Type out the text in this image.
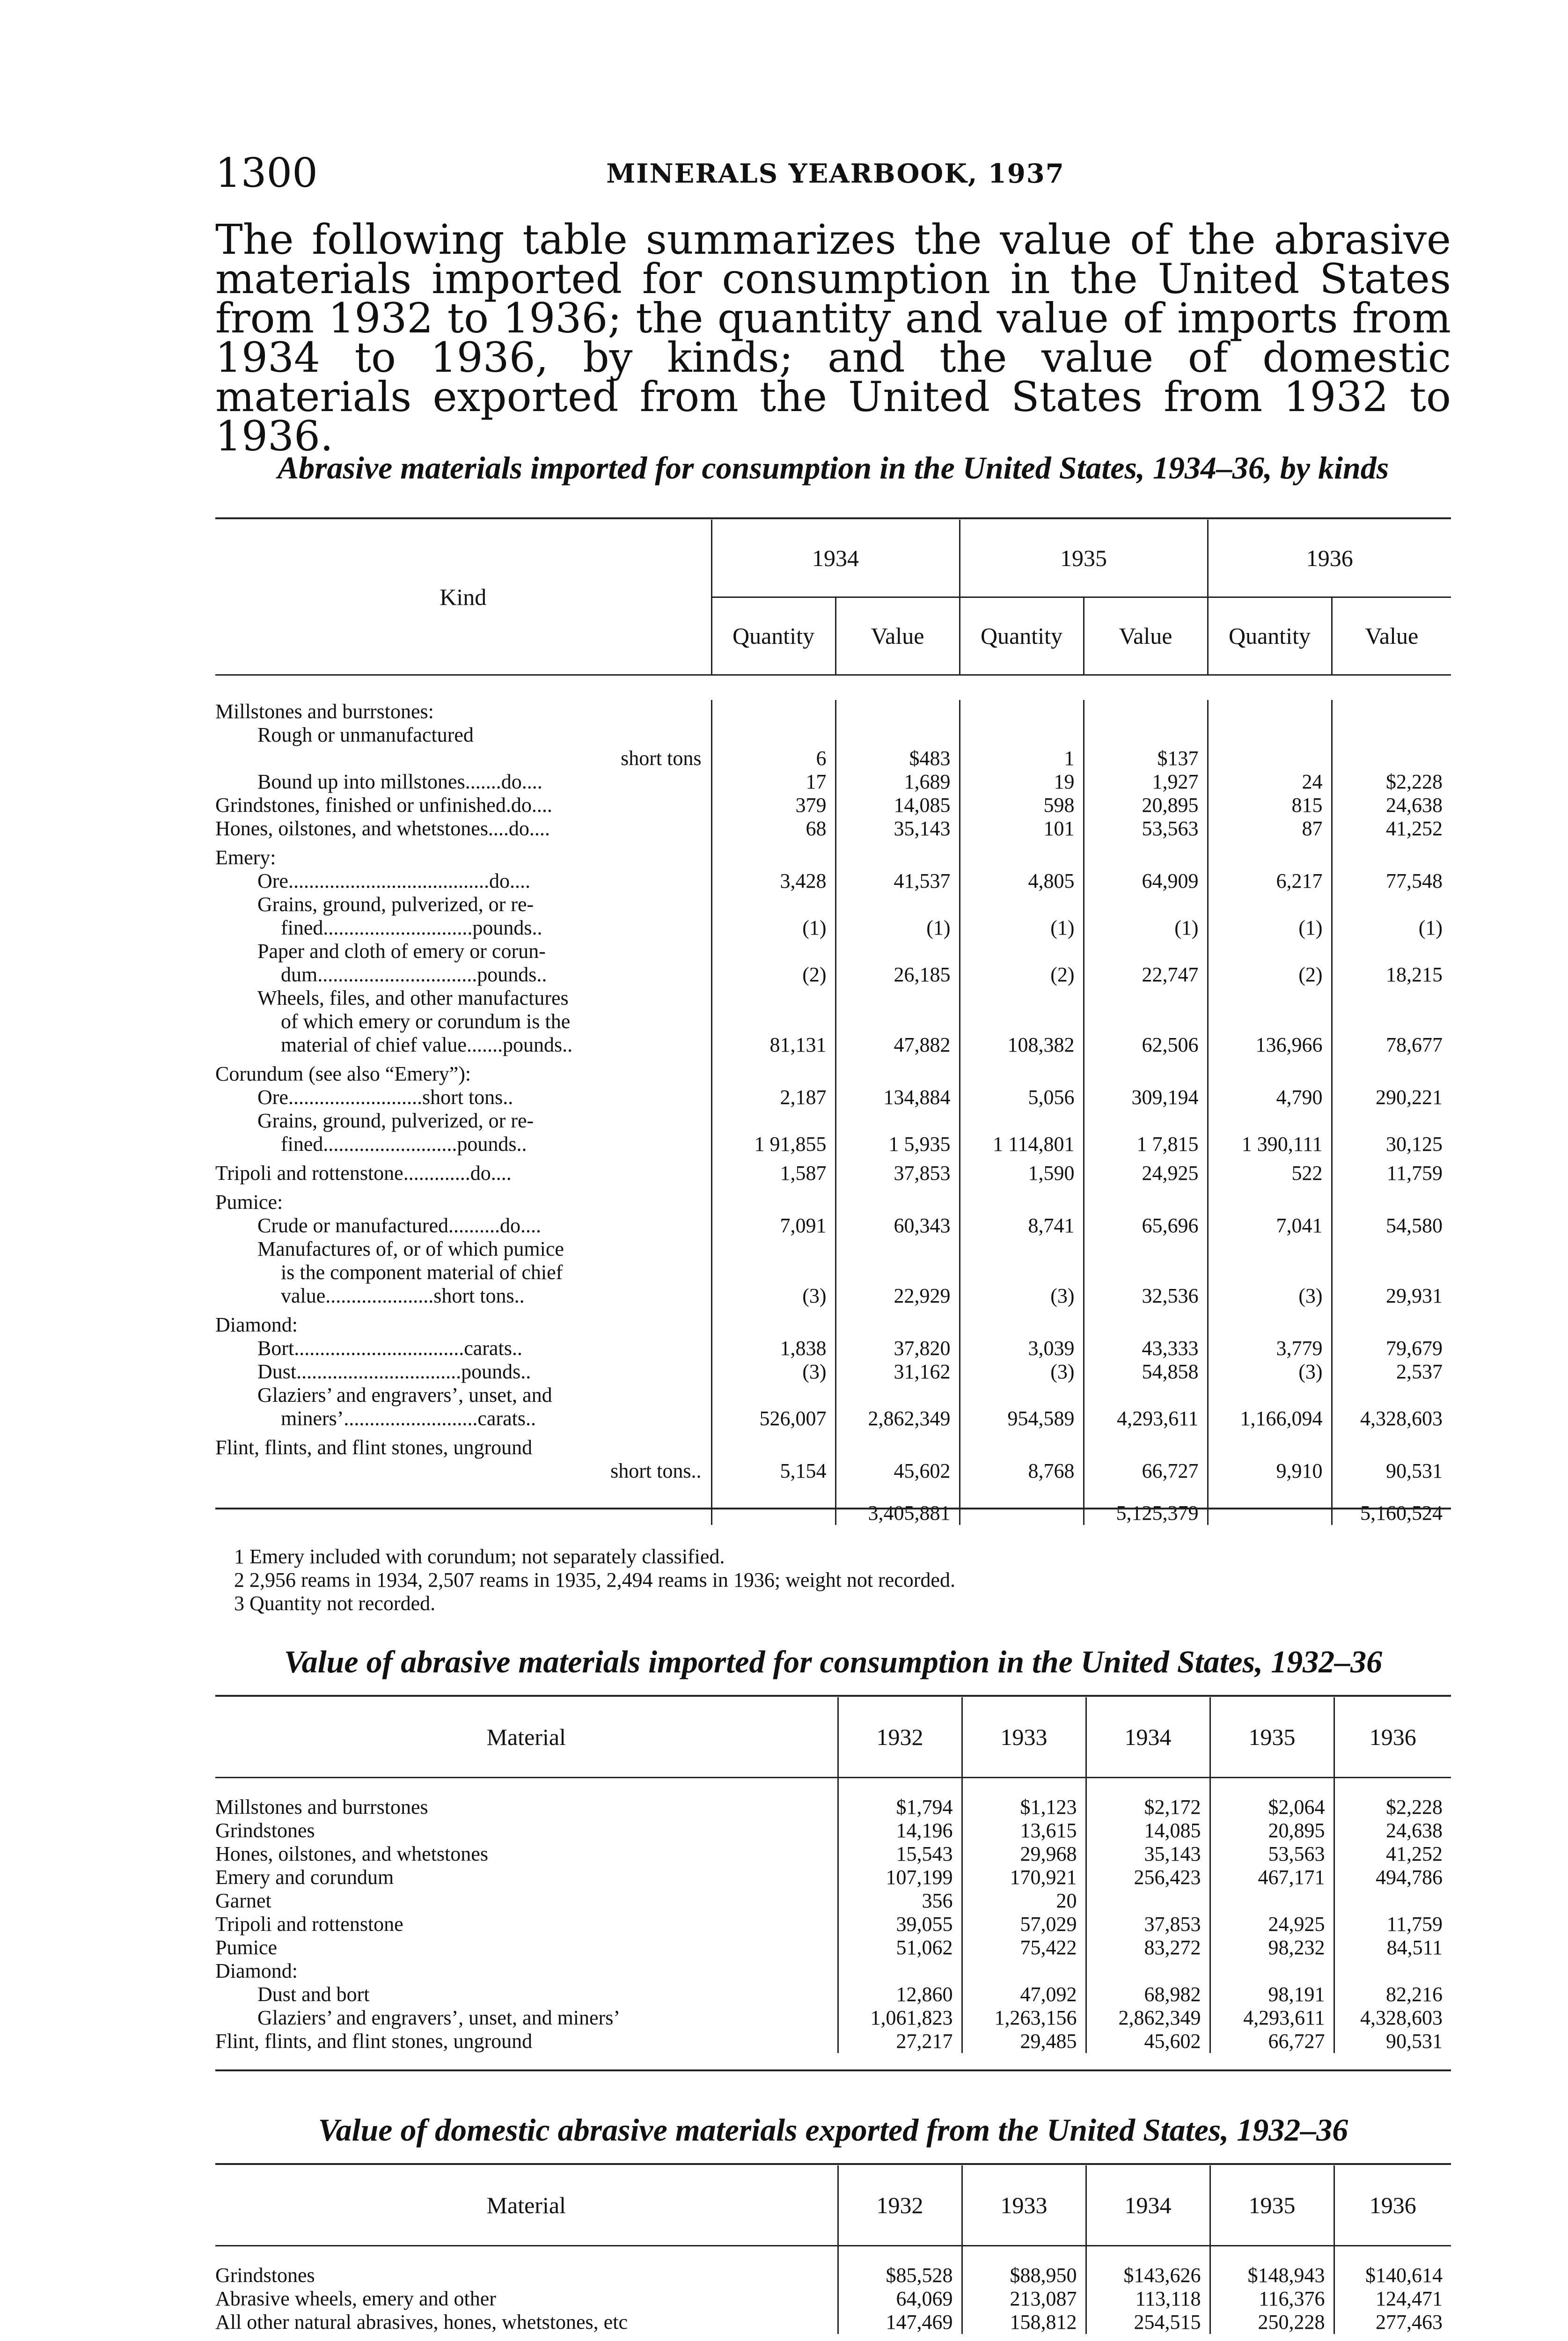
1300	MINERALS YEARBOOK, 1937

The following table summarizes the value of the abrasive materials imported for consumption in the United States from 1932 to 1936; the quantity and value of imports from 1934 to 1936, by kinds; and the value of domestic materials exported from the United States from 1932 to 1936.

Abrasive materials imported for consumption in the United States, 1934–36, by kinds
Kind	1934		1935		1936	
	Quantity	Value	Quantity	Value	Quantity	Value
Millstones and burrstones:						
Rough or unmanufactured						
short tons	6	$483	1	$137		
Bound up into millstones.......do....	17	1,689	19	1,927	24	$2,228
Grindstones, finished or unfinished.do....	379	14,085	598	20,895	815	24,638
Hones, oilstones, and whetstones....do....	68	35,143	101	53,563	87	41,252
Emery:						
Ore.......................................do....	3,428	41,537	4,805	64,909	6,217	77,548
Grains, ground, pulverized, or re-						
fined.............................pounds..	(1)	(1)	(1)	(1)	(1)	(1)
Paper and cloth of emery or corun-						
dum...............................pounds..	(2)	26,185	(2)	22,747	(2)	18,215
Wheels, files, and other manufactures						
of which emery or corundum is the						
material of chief value.......pounds..	81,131	47,882	108,382	62,506	136,966	78,677
Corundum (see also “Emery”):						
Ore..........................short tons..	2,187	134,884	5,056	309,194	4,790	290,221
Grains, ground, pulverized, or re-						
fined..........................pounds..	1 91,855	1 5,935	1 114,801	1 7,815	1 390,111	30,125
Tripoli and rottenstone.............do....	1,587	37,853	1,590	24,925	522	11,759
Pumice:						
Crude or manufactured..........do....	7,091	60,343	8,741	65,696	7,041	54,580
Manufactures of, or of which pumice						
is the component material of chief						
value.....................short tons..	(3)	22,929	(3)	32,536	(3)	29,931
Diamond:						
Bort.................................carats..	1,838	37,820	3,039	43,333	3,779	79,679
Dust................................pounds..	(3)	31,162	(3)	54,858	(3)	2,537
Glaziers’ and engravers’, unset, and						
miners’..........................carats..	526,007	2,862,349	954,589	4,293,611	1,166,094	4,328,603
Flint, flints, and flint stones, unground						
short tons..	5,154	45,602	8,768	66,727	9,910	90,531
		3,405,881		5,125,379		5,160,524
1 Emery included with corundum; not separately classified.
2 2,956 reams in 1934, 2,507 reams in 1935, 2,494 reams in 1936; weight not recorded.
3 Quantity not recorded.
Value of abrasive materials imported for consumption in the United States, 1932–36
Material	1932	1933	1934	1935	1936

Millstones and burrstones	$1,794	$1,123	$2,172	$2,064	$2,228
Grindstones	14,196	13,615	14,085	20,895	24,638
Hones, oilstones, and whetstones	15,543	29,968	35,143	53,563	41,252
Emery and corundum	107,199	170,921	256,423	467,171	494,786
Garnet	356	20			
Tripoli and rottenstone	39,055	57,029	37,853	24,925	11,759
Pumice	51,062	75,422	83,272	98,232	84,511
Diamond:					
Dust and bort	12,860	47,092	68,982	98,191	82,216
Glaziers’ and engravers’, unset, and miners’	1,061,823	1,263,156	2,862,349	4,293,611	4,328,603
Flint, flints, and flint stones, unground	27,217	29,485	45,602	66,727	90,531
Value of domestic abrasive materials exported from the United States, 1932–36
Material	1932	1933	1934	1935	1936

Grindstones	$85,528	$88,950	$143,626	$148,943	$140,614
Abrasive wheels, emery and other	64,069	213,087	113,118	116,376	124,471
All other natural abrasives, hones, whetstones, etc	147,469	158,812	254,515	250,228	277,463
